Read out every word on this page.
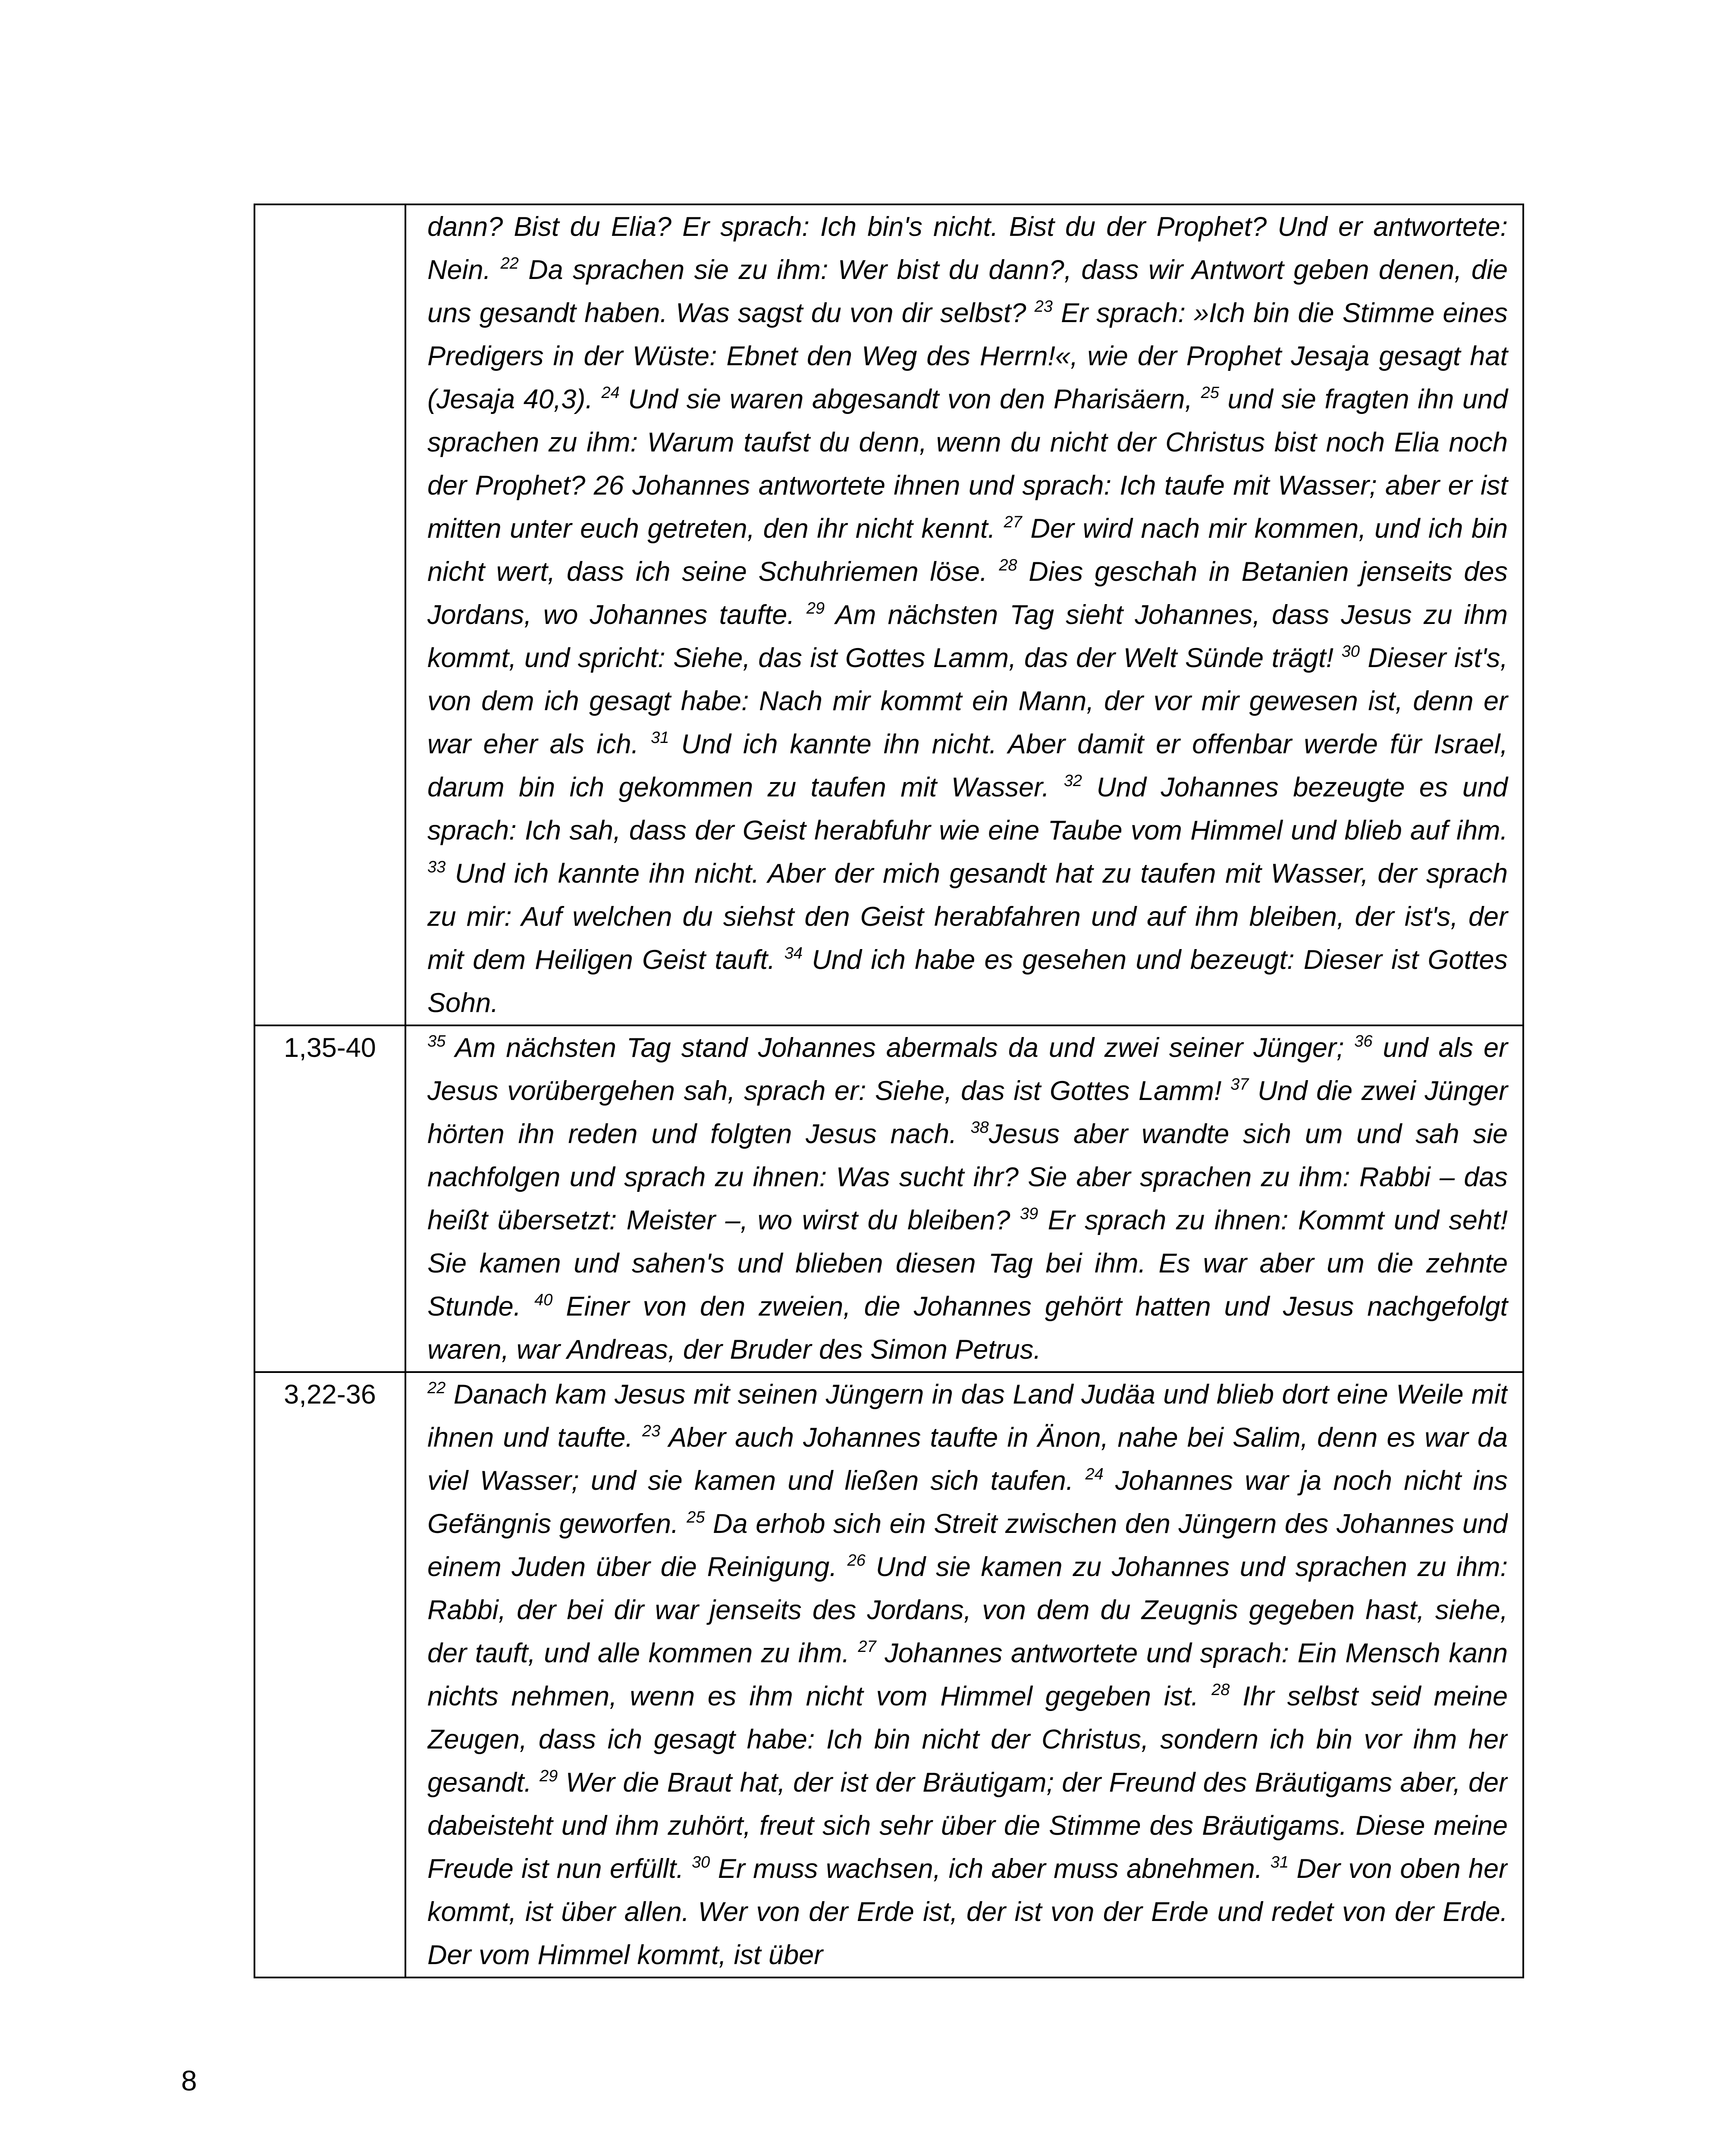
	dann? Bist du Elia? Er sprach: Ich bin's nicht. Bist du der Prophet? Und er antwortete: Nein. $^{22}$ Da sprachen sie zu ihm: Wer bist du dann?, dass wir Antwort geben denen, die uns gesandt haben. Was sagst du von dir selbst? $^{23}$ Er sprach: »Ich bin die Stimme eines Predigers in der Wüste: Ebnet den Weg des Herrn!«, wie der Prophet Jesaja gesagt hat (Jesaja 40,3). $^{24}$ Und sie waren abgesandt von den Pharisäern, $^{25}$ und sie fragten ihn und sprachen zu ihm: Warum taufst du denn, wenn du nicht der Christus bist noch Elia noch der Prophet? 26 Johannes antwortete ihnen und sprach: Ich taufe mit Wasser; aber er ist mitten unter euch getreten, den ihr nicht kennt. $^{27}$ Der wird nach mir kommen, und ich bin nicht wert, dass ich seine Schuhriemen löse. $^{28}$ Dies geschah in Betanien jenseits des Jordans, wo Johannes taufte. $^{29}$ Am nächsten Tag sieht Johannes, dass Jesus zu ihm kommt, und spricht: Siehe, das ist Gottes Lamm, das der Welt Sünde trägt! $^{30}$ Dieser ist's, von dem ich gesagt habe: Nach mir kommt ein Mann, der vor mir gewesen ist, denn er war eher als ich. $^{31}$ Und ich kannte ihn nicht. Aber damit er offenbar werde für Israel, darum bin ich gekommen zu taufen mit Wasser. $^{32}$ Und Johannes bezeugte es und sprach: Ich sah, dass der Geist herabfuhr wie eine Taube vom Himmel und blieb auf ihm. $^{33}$ Und ich kannte ihn nicht. Aber der mich gesandt hat zu taufen mit Wasser, der sprach zu mir: Auf welchen du siehst den Geist herabfahren und auf ihm bleiben, der ist's, der mit dem Heiligen Geist tauft. $^{34}$ Und ich habe es gesehen und bezeugt: Dieser ist Gottes Sohn.

1,35-40	$^{35}$ Am nächsten Tag stand Johannes abermals da und zwei seiner Jünger; $^{36}$ und als er Jesus vorübergehen sah, sprach er: Siehe, das ist Gottes Lamm! $^{37}$ Und die zwei Jünger hörten ihn reden und folgten Jesus nach. $^{38}$Jesus aber wandte sich um und sah sie nachfolgen und sprach zu ihnen: Was sucht ihr? Sie aber sprachen zu ihm: Rabbi – das heißt übersetzt: Meister –, wo wirst du bleiben? $^{39}$ Er sprach zu ihnen: Kommt und seht! Sie kamen und sahen's und blieben diesen Tag bei ihm. Es war aber um die zehnte Stunde. $^{40}$ Einer von den zweien, die Johannes gehört hatten und Jesus nachgefolgt waren, war Andreas, der Bruder des Simon Petrus.

3,22-36	$^{22}$ Danach kam Jesus mit seinen Jüngern in das Land Judäa und blieb dort eine Weile mit ihnen und taufte. $^{23}$ Aber auch Johannes taufte in Änon, nahe bei Salim, denn es war da viel Wasser; und sie kamen und ließen sich taufen. $^{24}$ Johannes war ja noch nicht ins Gefängnis geworfen. $^{25}$ Da erhob sich ein Streit zwischen den Jüngern des Johannes und einem Juden über die Reinigung. $^{26}$ Und sie kamen zu Johannes und sprachen zu ihm: Rabbi, der bei dir war jenseits des Jordans, von dem du Zeugnis gegeben hast, siehe, der tauft, und alle kommen zu ihm. $^{27}$ Johannes antwortete und sprach: Ein Mensch kann nichts nehmen, wenn es ihm nicht vom Himmel gegeben ist. $^{28}$ Ihr selbst seid meine Zeugen, dass ich gesagt habe: Ich bin nicht der Christus, sondern ich bin vor ihm her gesandt. $^{29}$ Wer die Braut hat, der ist der Bräutigam; der Freund des Bräutigams aber, der dabeisteht und ihm zuhört, freut sich sehr über die Stimme des Bräutigams. Diese meine Freude ist nun erfüllt. $^{30}$ Er muss wachsen, ich aber muss abnehmen. $^{31}$ Der von oben her kommt, ist über allen. Wer von der Erde ist, der ist von der Erde und redet von der Erde. Der vom Himmel kommt, ist über
8
